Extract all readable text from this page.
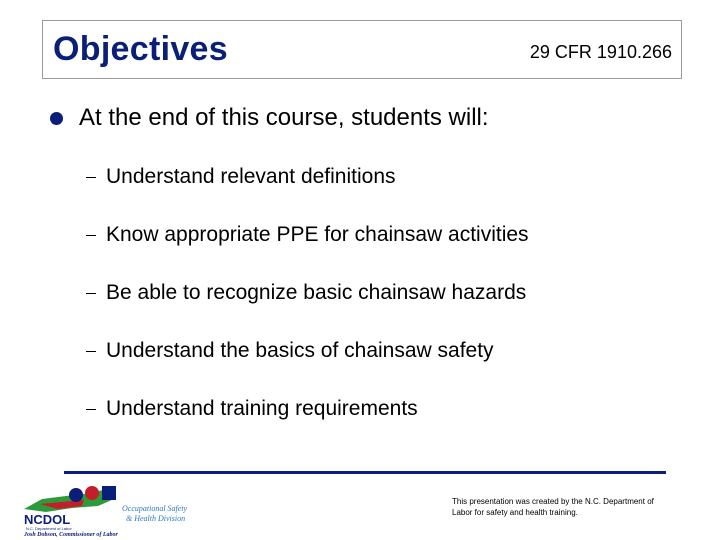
Objectives	29 CFR 1910.266
At the end of this course, students will:
Understand relevant definitions
Know appropriate PPE for chainsaw activities
Be able to recognize basic chainsaw hazards
Understand the basics of chainsaw safety
Understand training requirements
NCDOL
N.C. Department of Labor
Occupational Safety
& Health Division
Josh Dobson, Commissioner of Labor
This presentation was created by the N.C. Department of Labor for safety and health training.
